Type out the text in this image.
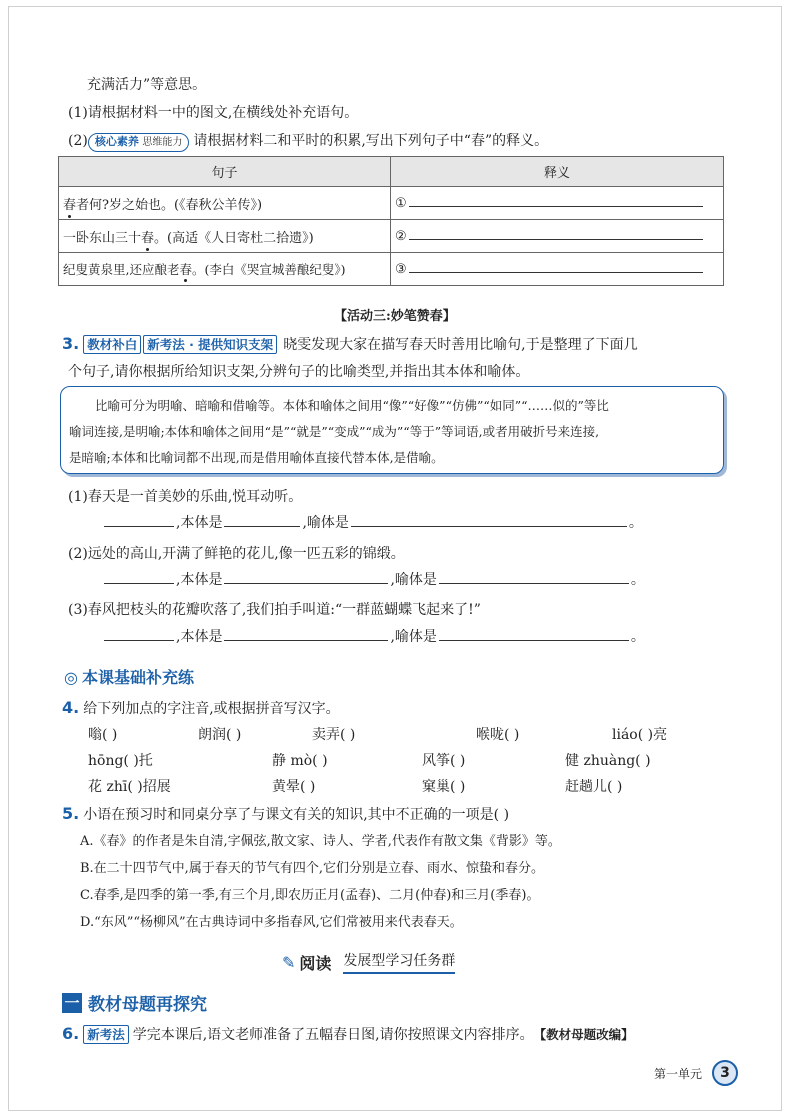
充满活力”等意思。
(1)请根据材料一中的图文,在横线处补充语句。
(2) 核心素养 思维能力 请根据材料二和平时的积累,写出下列句子中“春”的释义。
句子	释义
春者何?岁之始也。(《春秋公羊传》)	①
一卧东山三十春。(高适《人日寄杜二拾遗》)	②
纪叟黄泉里,还应酿老春。(李白《哭宣城善酿纪叟》)	③
【活动三:妙笔赞春】
3. 教材补白 新考法 · 提供知识支架 晓雯发现大家在描写春天时善用比喻句,于是整理了下面几
个句子,请你根据所给知识支架,分辨句子的比喻类型,并指出其本体和喻体。
比喻可分为明喻、暗喻和借喻等。本体和喻体之间用“像”“好像”“仿佛”“如同”“……似的”等比
喻词连接,是明喻;本体和喻体之间用“是”“就是”“变成”“成为”“等于”等词语,或者用破折号来连接,
是暗喻;本体和比喻词都不出现,而是借用喻体直接代替本体,是借喻。
(1)春天是一首美妙的乐曲,悦耳动听。
,本体是	,喻体是	。
(2)远处的高山,开满了鲜艳的花儿,像一匹五彩的锦缎。
,本体是	,喻体是	。
(3)春风把枝头的花瓣吹落了,我们拍手叫道:“一群蓝蝴蝶飞起来了!”
,本体是	,喻体是	。
◎ 本课基础补充练
4. 给下列加点的字注音,或根据拼音写汉字。
嗡( )	朗润( )	卖弄( )	喉咙( )	liáo( )亮
hōng( )托	静 mò( )	风筝( )	健 zhuàng( )
花 zhī( )招展	黄晕( )	窠巢( )	赶趟儿( )
5. 小语在预习时和同桌分享了与课文有关的知识,其中不正确的一项是( )
A.《春》的作者是朱自清,字佩弦,散文家、诗人、学者,代表作有散文集《背影》等。
B.在二十四节气中,属于春天的节气有四个,它们分别是立春、雨水、惊蛰和春分。
C.春季,是四季的第一季,有三个月,即农历正月(孟春)、二月(仲春)和三月(季春)。
D.“东风”“杨柳风”在古典诗词中多指春风,它们常被用来代表春天。
✎ 阅读 发展型学习任务群
一 教材母题再探究
6. 新考法 学完本课后,语文老师准备了五幅春日图,请你按照课文内容排序。 【教材母题改编】
第一单元	3
